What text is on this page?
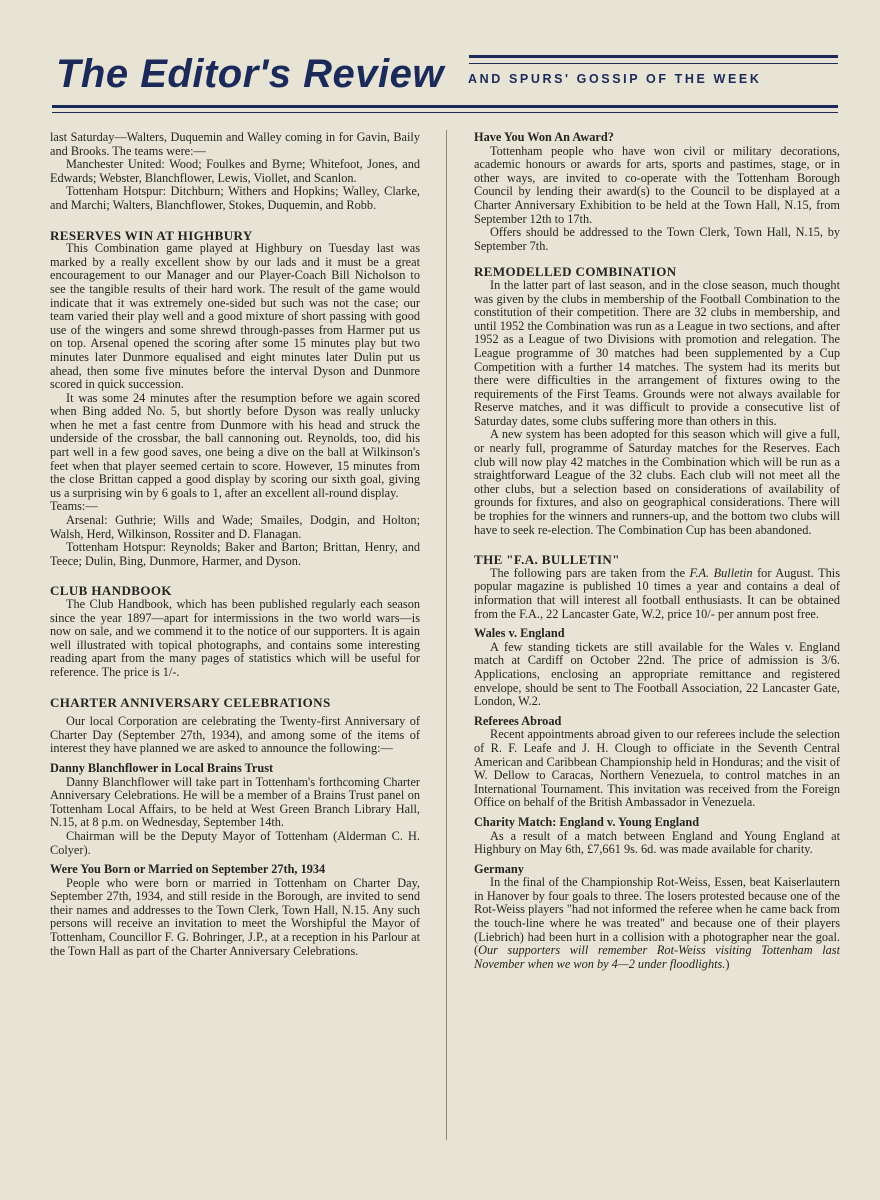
The Editor's Review AND SPURS' GOSSIP OF THE WEEK

last Saturday—Walters, Duquemin and Walley coming in for Gavin, Baily and Brooks. The teams were:—

Manchester United: Wood; Foulkes and Byrne; Whitefoot, Jones, and Edwards; Webster, Blanchflower, Lewis, Viollet, and Scanlon.

Tottenham Hotspur: Ditchburn; Withers and Hopkins; Walley, Clarke, and Marchi; Walters, Blanchflower, Stokes, Duquemin, and Robb.

RESERVES WIN AT HIGHBURY

This Combination game played at Highbury on Tuesday last was marked by a really excellent show by our lads and it must be a great encouragement to our Manager and our Player-Coach Bill Nicholson to see the tangible results of their hard work. The result of the game would indicate that it was extremely one-sided but such was not the case; our team varied their play well and a good mixture of short passing with good use of the wingers and some shrewd through-passes from Harmer put us on top. Arsenal opened the scoring after some 15 minutes play but two minutes later Dunmore equalised and eight minutes later Dulin put us ahead, then some five minutes before the interval Dyson and Dunmore scored in quick succession.

It was some 24 minutes after the resumption before we again scored when Bing added No. 5, but shortly before Dyson was really unlucky when he met a fast centre from Dunmore with his head and struck the underside of the crossbar, the ball cannoning out. Reynolds, too, did his part well in a few good saves, one being a dive on the ball at Wilkinson's feet when that player seemed certain to score. However, 15 minutes from the close Brittan capped a good display by scoring our sixth goal, giving us a surprising win by 6 goals to 1, after an excellent all-round display.

Teams:—

Arsenal: Guthrie; Wills and Wade; Smailes, Dodgin, and Holton; Walsh, Herd, Wilkinson, Rossiter and D. Flanagan.

Tottenham Hotspur: Reynolds; Baker and Barton; Brittan, Henry, and Teece; Dulin, Bing, Dunmore, Harmer, and Dyson.

CLUB HANDBOOK

The Club Handbook, which has been published regularly each season since the year 1897—apart for intermissions in the two world wars—is now on sale, and we commend it to the notice of our supporters. It is again well illustrated with topical photographs, and contains some interesting reading apart from the many pages of statistics which will be useful for reference. The price is 1/-.

CHARTER ANNIVERSARY CELEBRATIONS

Our local Corporation are celebrating the Twenty-first Anniversary of Charter Day (September 27th, 1934), and among some of the items of interest they have planned we are asked to announce the following:—

Danny Blanchflower in Local Brains Trust

Danny Blanchflower will take part in Tottenham's forthcoming Charter Anniversary Celebrations. He will be a member of a Brains Trust panel on Tottenham Local Affairs, to be held at West Green Branch Library Hall, N.15, at 8 p.m. on Wednesday, September 14th.

Chairman will be the Deputy Mayor of Tottenham (Alderman C. H. Colyer).

Were You Born or Married on September 27th, 1934

People who were born or married in Tottenham on Charter Day, September 27th, 1934, and still reside in the Borough, are invited to send their names and addresses to the Town Clerk, Town Hall, N.15. Any such persons will receive an invitation to meet the Worshipful the Mayor of Tottenham, Councillor F. G. Bohringer, J.P., at a reception in his Parlour at the Town Hall as part of the Charter Anniversary Celebrations.

Have You Won An Award?

Tottenham people who have won civil or military decorations, academic honours or awards for arts, sports and pastimes, stage, or in other ways, are invited to co-operate with the Tottenham Borough Council by lending their award(s) to the Council to be displayed at a Charter Anniversary Exhibition to be held at the Town Hall, N.15, from September 12th to 17th.

Offers should be addressed to the Town Clerk, Town Hall, N.15, by September 7th.

REMODELLED COMBINATION

In the latter part of last season, and in the close season, much thought was given by the clubs in membership of the Football Combination to the constitution of their competition. There are 32 clubs in membership, and until 1952 the Combination was run as a League in two sections, and after 1952 as a League of two Divisions with promotion and relegation. The League programme of 30 matches had been supplemented by a Cup Competition with a further 14 matches. The system had its merits but there were difficulties in the arrangement of fixtures owing to the requirements of the First Teams. Grounds were not always available for Reserve matches, and it was difficult to provide a consecutive list of Saturday dates, some clubs suffering more than others in this.

A new system has been adopted for this season which will give a full, or nearly full, programme of Saturday matches for the Reserves. Each club will now play 42 matches in the Combination which will be run as a straightforward League of the 32 clubs. Each club will not meet all the other clubs, but a selection based on considerations of availability of grounds for fixtures, and also on geographical considerations. There will be trophies for the winners and runners-up, and the bottom two clubs will have to seek re-election. The Combination Cup has been abandoned.

THE "F.A. BULLETIN"

The following pars are taken from the F.A. Bulletin for August. This popular magazine is published 10 times a year and contains a deal of information that will interest all football enthusiasts. It can be obtained from the F.A., 22 Lancaster Gate, W.2, price 10/- per annum post free.

Wales v. England

A few standing tickets are still available for the Wales v. England match at Cardiff on October 22nd. The price of admission is 3/6. Applications, enclosing an appropriate remittance and registered envelope, should be sent to The Football Association, 22 Lancaster Gate, London, W.2.

Referees Abroad

Recent appointments abroad given to our referees include the selection of R. F. Leafe and J. H. Clough to officiate in the Seventh Central American and Caribbean Championship held in Honduras; and the visit of W. Dellow to Caracas, Northern Venezuela, to control matches in an International Tournament. This invitation was received from the Foreign Office on behalf of the British Ambassador in Venezuela.

Charity Match: England v. Young England

As a result of a match between England and Young England at Highbury on May 6th, £7,661 9s. 6d. was made available for charity.

Germany

In the final of the Championship Rot-Weiss, Essen, beat Kaiserlautern in Hanover by four goals to three. The losers protested because one of the Rot-Weiss players "had not informed the referee when he came back from the touch-line where he was treated" and because one of their players (Liebrich) had been hurt in a collision with a photographer near the goal. (Our supporters will remember Rot-Weiss visiting Tottenham last November when we won by 4—2 under floodlights.)
